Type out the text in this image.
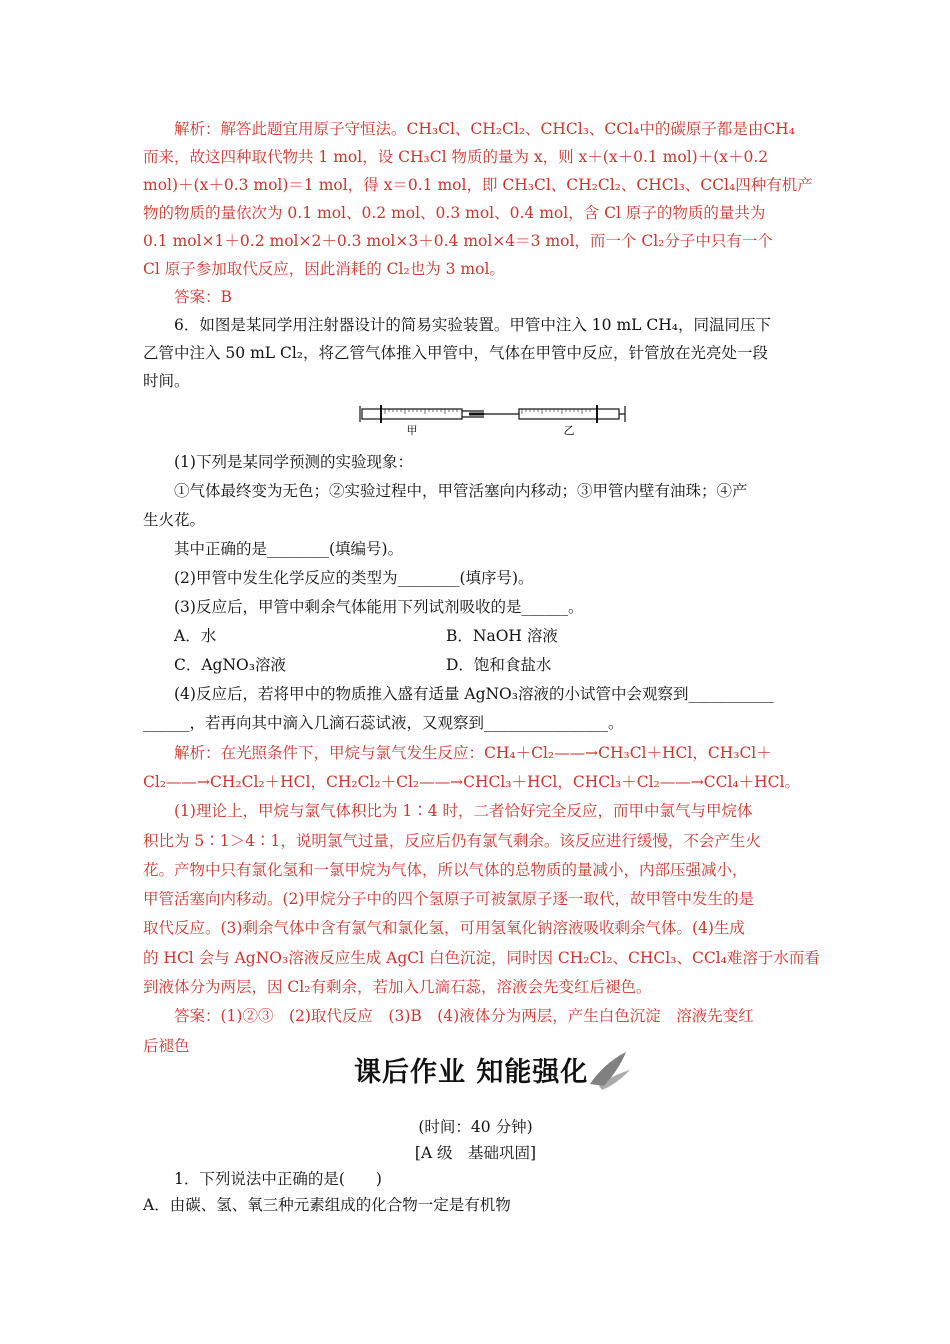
解析：解答此题宜用原子守恒法。CH₃Cl、CH₂Cl₂、CHCl₃、CCl₄中的碳原子都是由CH₄
而来，故这四种取代物共 1 mol，设 CH₃Cl 物质的量为 x，则 x＋(x＋0.1 mol)＋(x＋0.2
mol)＋(x＋0.3 mol)＝1 mol，得 x＝0.1 mol，即 CH₃Cl、CH₂Cl₂、CHCl₃、CCl₄四种有机产
物的物质的量依次为 0.1 mol、0.2 mol、0.3 mol、0.4 mol，含 Cl 原子的物质的量共为
0.1 mol×1＋0.2 mol×2＋0.3 mol×3＋0.4 mol×4＝3 mol，而一个 Cl₂分子中只有一个
Cl 原子参加取代反应，因此消耗的 Cl₂也为 3 mol。
答案：B
6．如图是某同学用注射器设计的简易实验装置。甲管中注入 10 mL CH₄，同温同压下
乙管中注入 50 mL Cl₂，将乙管气体推入甲管中，气体在甲管中反应，针管放在光亮处一段
时间。
甲	乙
(1)下列是某同学预测的实验现象：
①气体最终变为无色；②实验过程中，甲管活塞向内移动；③甲管内壁有油珠；④产
生火花。
其中正确的是________(填编号)。
(2)甲管中发生化学反应的类型为________(填序号)。
(3)反应后，甲管中剩余气体能用下列试剂吸收的是______。
A．水	B．NaOH 溶液
C．AgNO₃溶液	D．饱和食盐水
(4)反应后，若将甲中的物质推入盛有适量 AgNO₃溶液的小试管中会观察到___________
______，若再向其中滴入几滴石蕊试液，又观察到________________。
解析：在光照条件下，甲烷与氯气发生反应：CH₄＋Cl₂——→CH₃Cl＋HCl，CH₃Cl＋
Cl₂——→CH₂Cl₂＋HCl，CH₂Cl₂＋Cl₂——→CHCl₃＋HCl，CHCl₃＋Cl₂——→CCl₄＋HCl。
(1)理论上，甲烷与氯气体积比为 1∶4 时，二者恰好完全反应，而甲中氯气与甲烷体
积比为 5∶1＞4∶1，说明氯气过量，反应后仍有氯气剩余。该反应进行缓慢，不会产生火
花。产物中只有氯化氢和一氯甲烷为气体，所以气体的总物质的量减小，内部压强减小，
甲管活塞向内移动。(2)甲烷分子中的四个氢原子可被氯原子逐一取代，故甲管中发生的是
取代反应。(3)剩余气体中含有氯气和氯化氢，可用氢氧化钠溶液吸收剩余气体。(4)生成
的 HCl 会与 AgNO₃溶液反应生成 AgCl 白色沉淀，同时因 CH₂Cl₂、CHCl₃、CCl₄难溶于水而看
到液体分为两层，因 Cl₂有剩余，若加入几滴石蕊，溶液会先变红后褪色。
答案：(1)②③　(2)取代反应　(3)B　(4)液体分为两层，产生白色沉淀　溶液先变红
后褪色
课后作业 知能强化
(时间：40 分钟)
[A 级　基础巩固]
1．下列说法中正确的是(　　)
A．由碳、氢、氧三种元素组成的化合物一定是有机物
